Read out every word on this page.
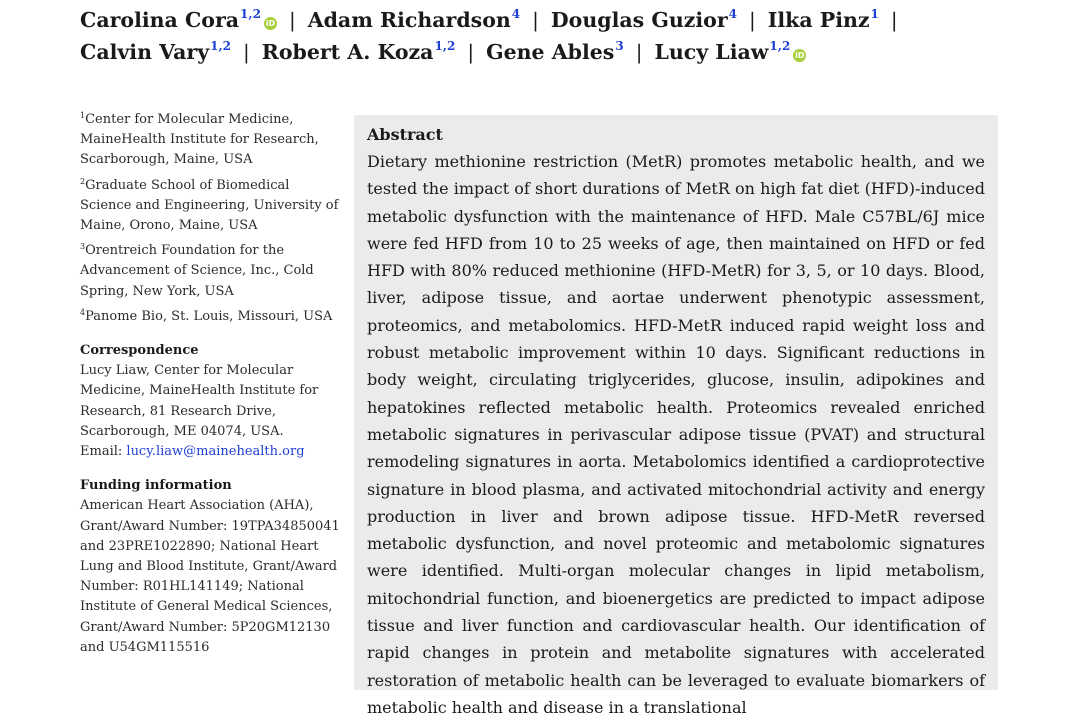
Carolina Cora$^{1,2}$iD | Adam Richardson$^4$ | Douglas Guzior$^4$ | Ilka Pinz$^1$ |
Calvin Vary$^{1,2}$ | Robert A. Koza$^{1,2}$ | Gene Ables$^3$ | Lucy Liaw$^{1,2}$iD
$^1$Center for Molecular Medicine, MaineHealth Institute for Research, Scarborough, Maine, USA
$^2$Graduate School of Biomedical Science and Engineering, University of Maine, Orono, Maine, USA
$^3$Orentreich Foundation for the Advancement of Science, Inc., Cold Spring, New York, USA
$^4$Panome Bio, St. Louis, Missouri, USA
Correspondence
Lucy Liaw, Center for Molecular Medicine, MaineHealth Institute for Research, 81 Research Drive, Scarborough, ME 04074, USA.
Email: lucy.liaw@mainehealth.org
Funding information
American Heart Association (AHA), Grant/Award Number: 19TPA34850041 and 23PRE1022890; National Heart Lung and Blood Institute, Grant/Award Number: R01HL141149; National Institute of General Medical Sciences, Grant/Award Number: 5P20GM12130 and U54GM115516
Abstract
Dietary methionine restriction (MetR) promotes metabolic health, and we tested the impact of short durations of MetR on high fat diet (HFD)-induced metabolic dysfunction with the maintenance of HFD. Male C57BL/6J mice were fed HFD from 10 to 25 weeks of age, then maintained on HFD or fed HFD with 80% reduced methionine (HFD-MetR) for 3, 5, or 10 days. Blood, liver, adipose tissue, and aortae underwent phenotypic assessment, proteomics, and metabolomics. HFD-MetR induced rapid weight loss and robust metabolic improvement within 10 days. Significant reductions in body weight, circulating triglycerides, glucose, insulin, adipokines and hepatokines reflected metabolic health. Proteomics revealed enriched metabolic signatures in perivascular adipose tissue (PVAT) and structural remodeling signatures in aorta. Metabolomics identified a cardioprotective signature in blood plasma, and activated mitochondrial activity and energy production in liver and brown adipose tissue. HFD-MetR reversed metabolic dysfunction, and novel proteomic and metabolomic signatures were identified. Multi-organ molecular changes in lipid metabolism, mitochondrial function, and bioenergetics are predicted to impact adipose tissue and liver function and cardiovascular health. Our identification of rapid changes in protein and metabolite signatures with accelerated restoration of metabolic health can be leveraged to evaluate biomarkers of metabolic health and disease in a translational
